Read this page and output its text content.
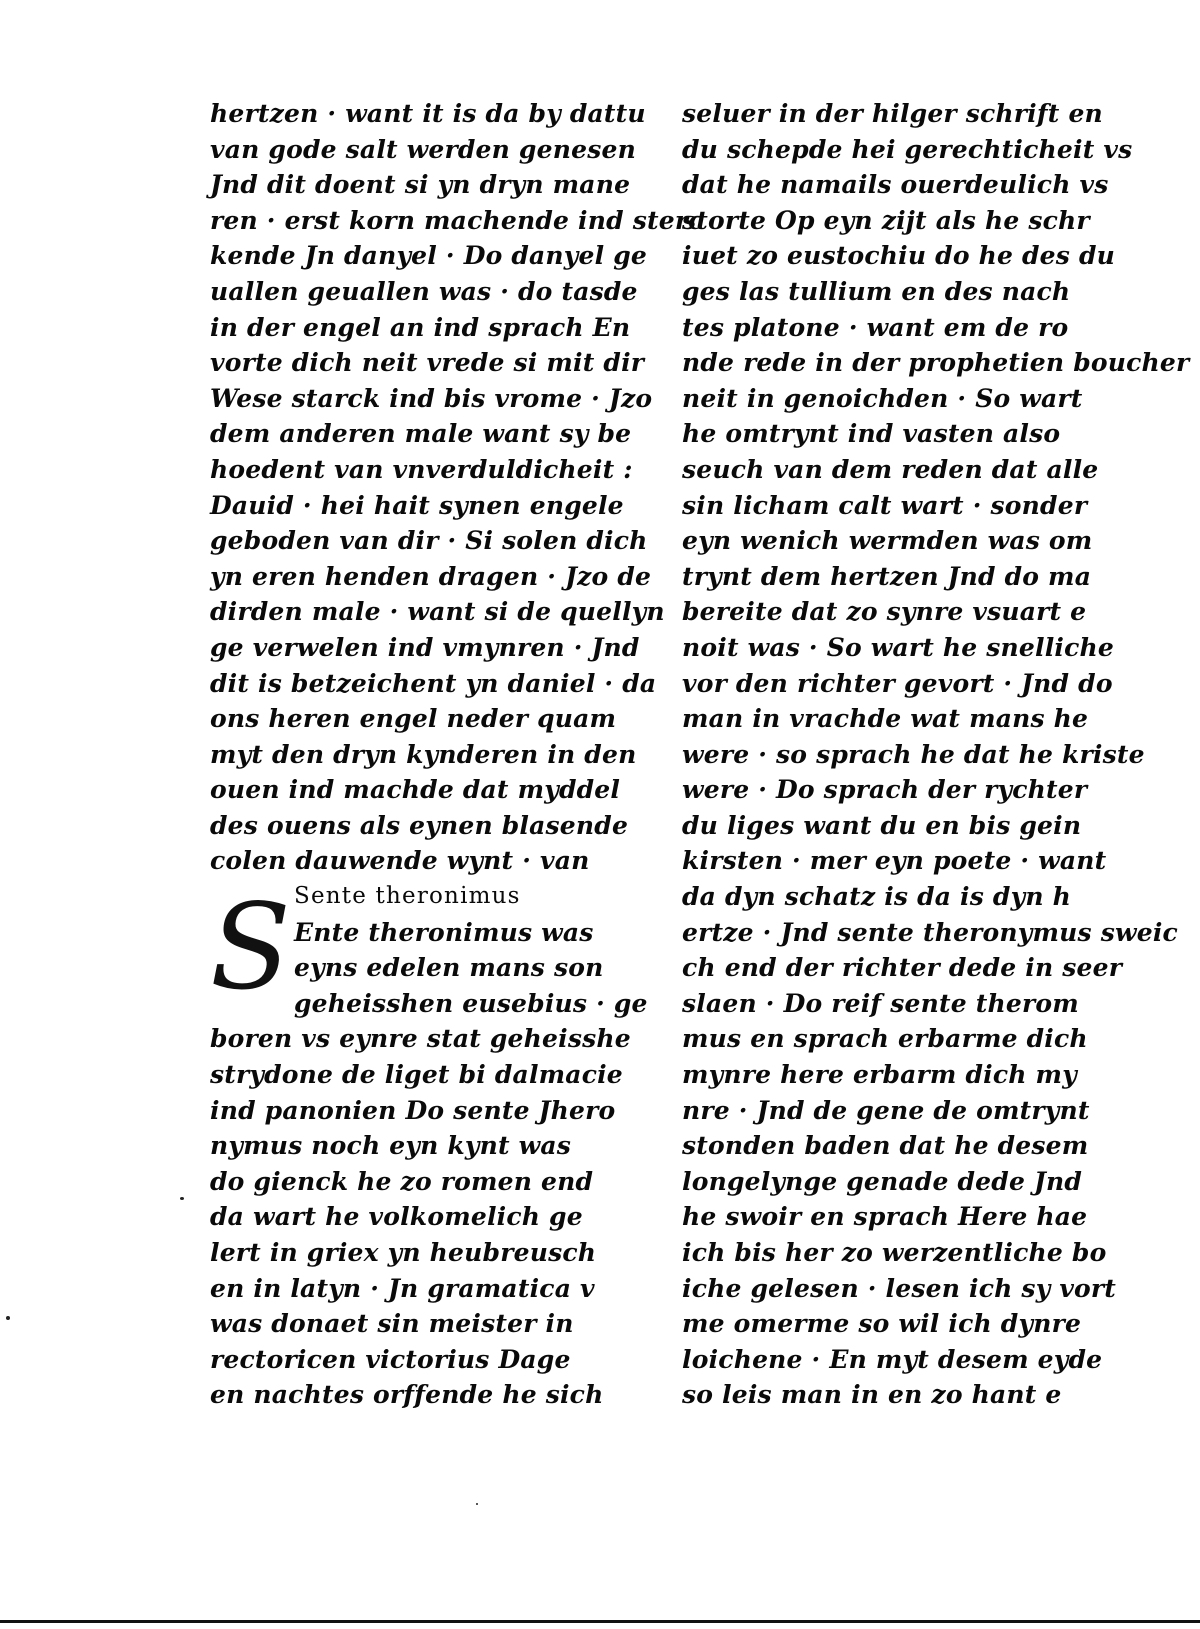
hertzen · want it is da by dattu
van gode salt werden genesen
Jnd dit doent si yn dryn mane
ren · erst korn machende ind sterc
kende Jn danyel · Do danyel ge
uallen geuallen was · do tasde
in der engel an ind sprach En
vorte dich neit vrede si mit dir
Wese starck ind bis vrome · Jzo
dem anderen male want sy be
hoedent van vnverduldicheit :
Dauid · hei hait synen engele
geboden van dir · Si solen dich
yn eren henden dragen · Jzo de
dirden male · want si de quellyn
ge verwelen ind vmynren · Jnd
dit is betzeichent yn daniel · da
ons heren engel neder quam
myt den dryn kynderen in den
ouen ind machde dat myddel
des ouens als eynen blasende
colen dauwende wynt · van
S Sente theronimus
Ente theronimus was
eyns edelen mans son
geheisshen eusebius · ge
boren vs eynre stat geheisshe
strydone de liget bi dalmacie
ind panonien Do sente Jhero
nymus noch eyn kynt was
do gienck he zo romen end
da wart he volkomelich ge
lert in griex yn heubreusch
en in latyn · Jn gramatica v
was donaet sin meister in
rectoricen victorius Dage
en nachtes orffende he sich
seluer in der hilger schrift en
du schepde hei gerechticheit vs
dat he namails ouerdeulich vs
storte Op eyn zijt als he schr
iuet zo eustochiu do he des du
ges las tullium en des nach
tes platone · want em de ro
nde rede in der prophetien boucher
neit in genoichden · So wart
he omtrynt ind vasten also
seuch van dem reden dat alle
sin licham calt wart · sonder
eyn wenich wermden was om
trynt dem hertzen Jnd do ma
bereite dat zo synre vsuart e
noit was · So wart he snelliche
vor den richter gevort · Jnd do
man in vrachde wat mans he
were · so sprach he dat he kriste
were · Do sprach der rychter
du liges want du en bis gein
kirsten · mer eyn poete · want
da dyn schatz is da is dyn h
ertze · Jnd sente theronymus sweic
ch end der richter dede in seer
slaen · Do reif sente therom
mus en sprach erbarme dich
mynre here erbarm dich my
nre · Jnd de gene de omtrynt
stonden baden dat he desem
longelynge genade dede Jnd
he swoir en sprach Here hae
ich bis her zo werzentliche bo
iche gelesen · lesen ich sy vort
me omerme so wil ich dynre
loichene · En myt desem eyde
so leis man in en zo hant e
